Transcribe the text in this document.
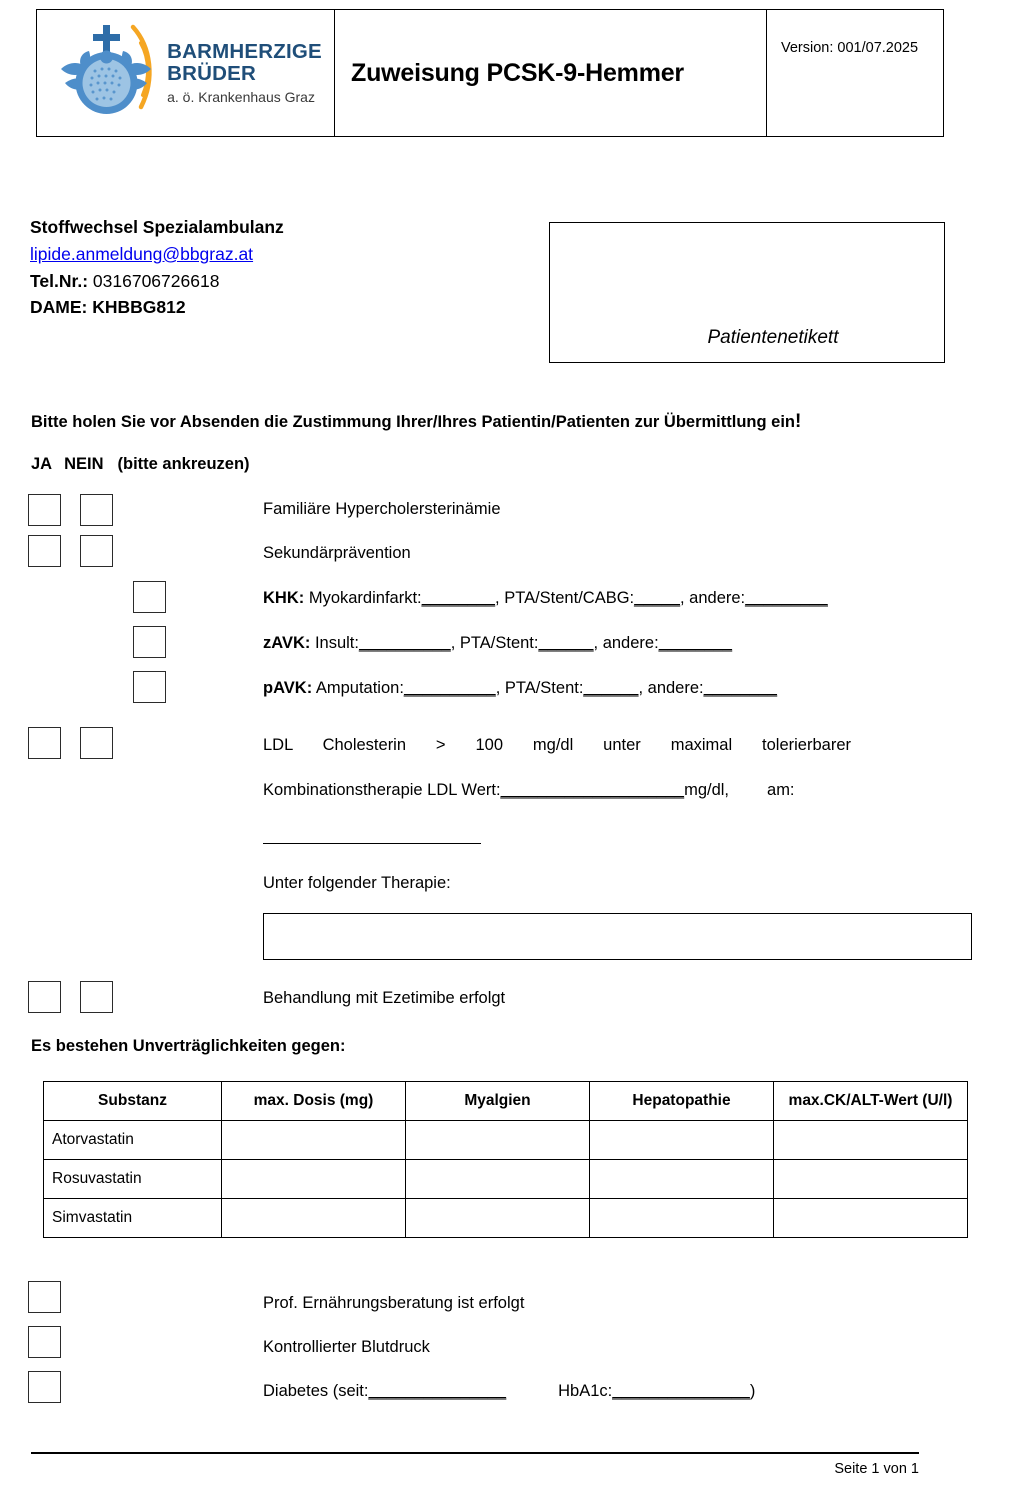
BARMHERZIGE
BRÜDER
a. ö. Krankenhaus Graz
Zuweisung PCSK-9-Hemmer
Version: 001/07.2025
Stoffwechsel Spezialambulanz
lipide.anmeldung@bbgraz.at
Tel.Nr.: 0316706726618
DAME: KHBBG812
Patientenetikett
Bitte holen Sie vor Absenden die Zustimmung Ihrer/Ihres Patientin/Patienten zur Übermittlung ein!
JA NEIN (bitte ankreuzen)
Familiäre Hypercholersterinämie
Sekundärprävention
KHK: Myokardinfarkt:________, PTA/Stent/CABG:_____, andere:_________
zAVK: Insult:__________, PTA/Stent:______, andere:________
pAVK: Amputation:__________, PTA/Stent:______, andere:________
LDL Cholesterin > 100 mg/dl unter maximal tolerierbarer
Kombinationstherapie LDL Wert:____________________mg/dl, am:
Unter folgender Therapie:
Behandlung mit Ezetimibe erfolgt
Es bestehen Unverträglichkeiten gegen:
Substanz	max. Dosis (mg)	Myalgien	Hepatopathie	max.CK/ALT-Wert (U/l)
Atorvastatin				
Rosuvastatin				
Simvastatin				
Prof. Ernährungsberatung ist erfolgt
Kontrollierter Blutdruck
Diabetes (seit:_______________	HbA1c:_______________)
Seite 1 von 1
